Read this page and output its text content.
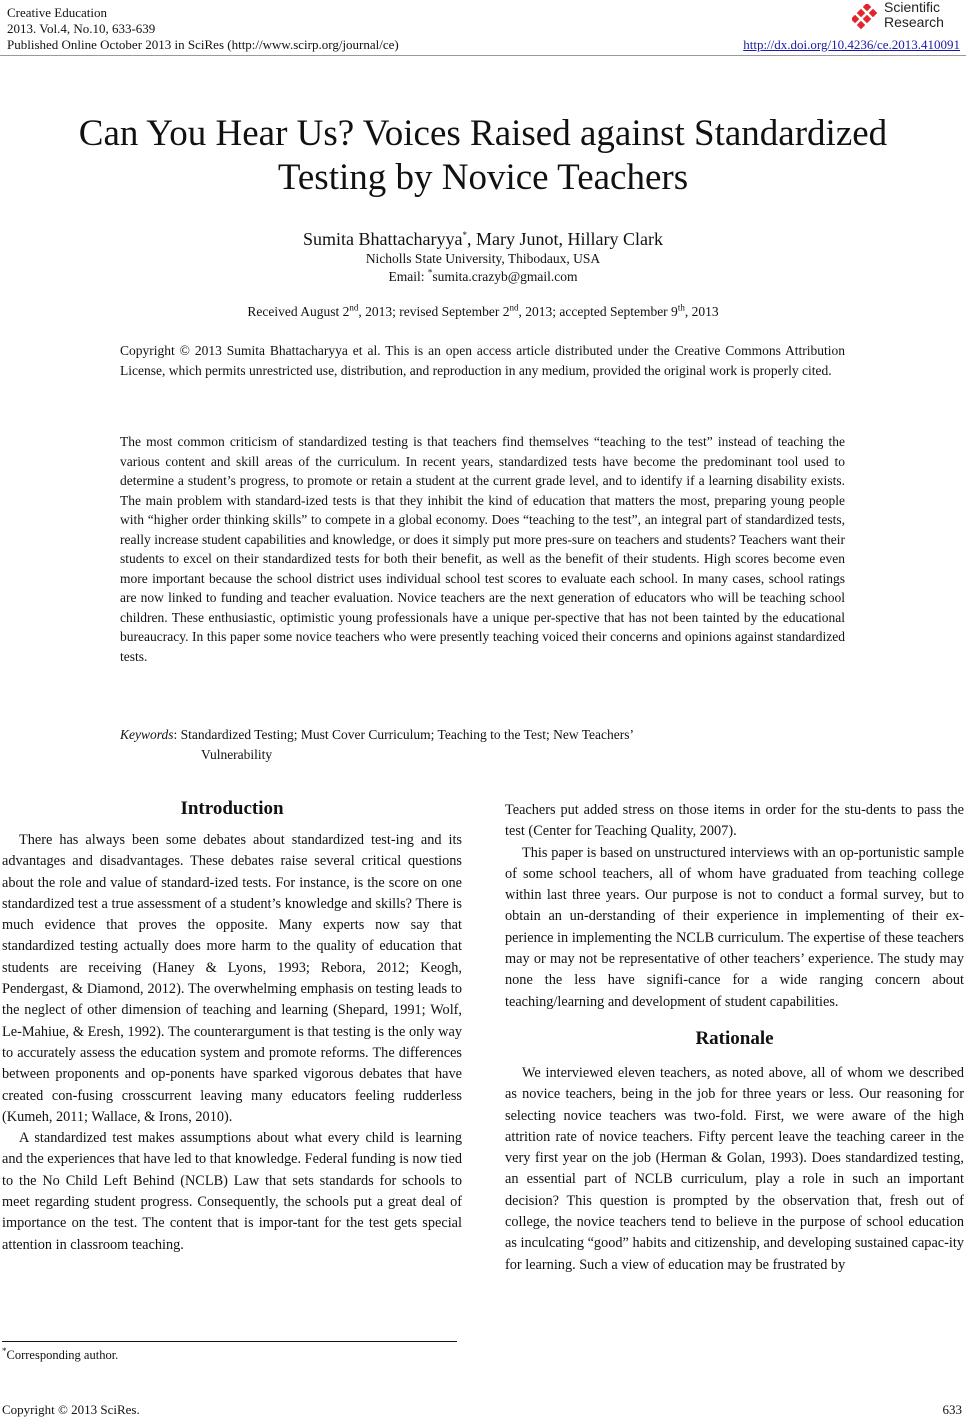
Creative Education
2013. Vol.4, No.10, 633-639
Published Online October 2013 in SciRes (http://www.scirp.org/journal/ce)
Scientific
Research
http://dx.doi.org/10.4236/ce.2013.410091
Can You Hear Us? Voices Raised against Standardized
Testing by Novice Teachers
Sumita Bhattacharyya*, Mary Junot, Hillary Clark
Nicholls State University, Thibodaux, USA
Email: *sumita.crazyb@gmail.com
Received August 2nd, 2013; revised September 2nd, 2013; accepted September 9th, 2013

Copyright © 2013 Sumita Bhattacharyya et al. This is an open access article distributed under the Creative Commons Attribution License, which permits unrestricted use, distribution, and reproduction in any medium, provided the original work is properly cited.

The most common criticism of standardized testing is that teachers find themselves “teaching to the test” instead of teaching the various content and skill areas of the curriculum. In recent years, standardized tests have become the predominant tool used to determine a student’s progress, to promote or retain a student at the current grade level, and to identify if a learning disability exists. The main problem with standard-ized tests is that they inhibit the kind of education that matters the most, preparing young people with “higher order thinking skills” to compete in a global economy. Does “teaching to the test”, an integral part of standardized tests, really increase student capabilities and knowledge, or does it simply put more pres-sure on teachers and students? Teachers want their students to excel on their standardized tests for both their benefit, as well as the benefit of their students. High scores become even more important because the school district uses individual school test scores to evaluate each school. In many cases, school ratings are now linked to funding and teacher evaluation. Novice teachers are the next generation of educators who will be teaching school children. These enthusiastic, optimistic young professionals have a unique per-spective that has not been tainted by the educational bureaucracy. In this paper some novice teachers who were presently teaching voiced their concerns and opinions against standardized tests.

Keywords: Standardized Testing; Must Cover Curriculum; Teaching to the Test; New Teachers’
Vulnerability
Introduction

There has always been some debates about standardized test-ing and its advantages and disadvantages. These debates raise several critical questions about the role and value of standard-ized tests. For instance, is the score on one standardized test a true assessment of a student’s knowledge and skills? There is much evidence that proves the opposite. Many experts now say that standardized testing actually does more harm to the quality of education that students are receiving (Haney & Lyons, 1993; Rebora, 2012; Keogh, Pendergast, & Diamond, 2012). The overwhelming emphasis on testing leads to the neglect of other dimension of teaching and learning (Shepard, 1991; Wolf, Le-Mahiue, & Eresh, 1992). The counterargument is that testing is the only way to accurately assess the education system and promote reforms. The differences between proponents and op-ponents have sparked vigorous debates that have created con-fusing crosscurrent leaving many educators feeling rudderless (Kumeh, 2011; Wallace, & Irons, 2010).

A standardized test makes assumptions about what every child is learning and the experiences that have led to that knowledge. Federal funding is now tied to the No Child Left Behind (NCLB) Law that sets standards for schools to meet regarding student progress. Consequently, the schools put a great deal of importance on the test. The content that is impor-tant for the test gets special attention in classroom teaching.

Teachers put added stress on those items in order for the stu-dents to pass the test (Center for Teaching Quality, 2007).

This paper is based on unstructured interviews with an op-portunistic sample of some school teachers, all of whom have graduated from teaching college within last three years. Our purpose is not to conduct a formal survey, but to obtain an un-derstanding of their experience in implementing of their ex-perience in implementing the NCLB curriculum. The expertise of these teachers may or may not be representative of other teachers’ experience. The study may none the less have signifi-cance for a wide ranging concern about teaching/learning and development of student capabilities.

Rationale

We interviewed eleven teachers, as noted above, all of whom we described as novice teachers, being in the job for three years or less. Our reasoning for selecting novice teachers was two-fold. First, we were aware of the high attrition rate of novice teachers. Fifty percent leave the teaching career in the very first year on the job (Herman & Golan, 1993). Does standardized testing, an essential part of NCLB curriculum, play a role in such an important decision? This question is prompted by the observation that, fresh out of college, the novice teachers tend to believe in the purpose of school education as inculcating “good” habits and citizenship, and developing sustained capac-ity for learning. Such a view of education may be frustrated by

*Corresponding author.
Copyright © 2013 SciRes.	633
